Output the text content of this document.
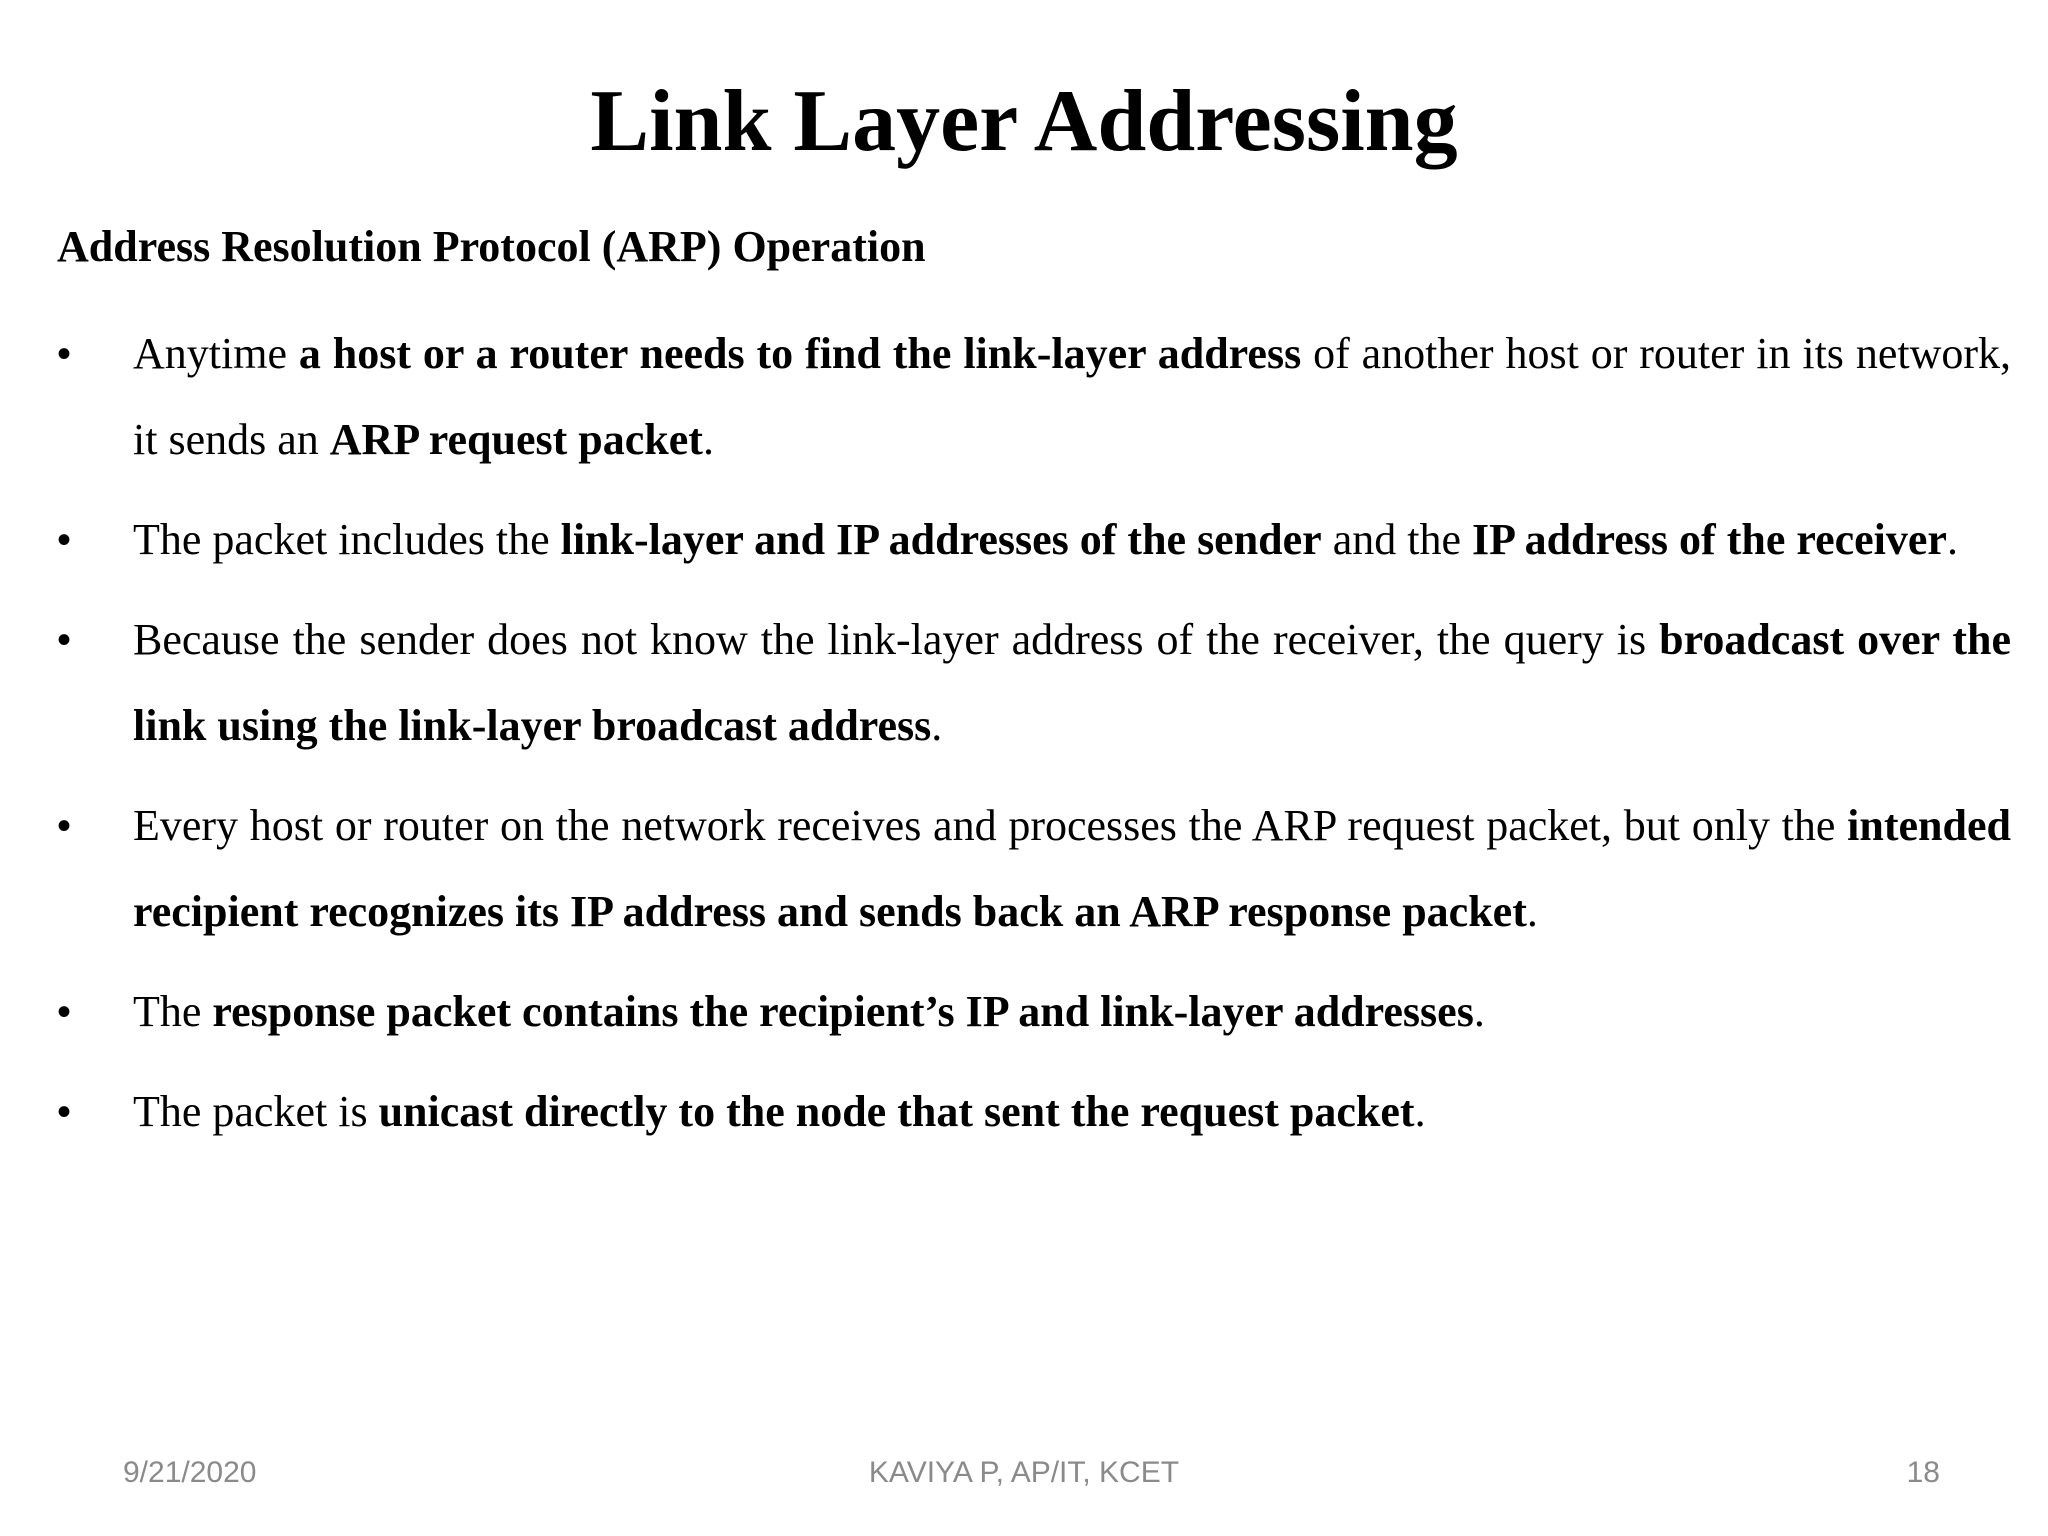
Link Layer Addressing
Address Resolution Protocol (ARP) Operation
• Anytime a host or a router needs to find the link-layer address of another host or router in its network, it sends an ARP request packet.
• The packet includes the link-layer and IP addresses of the sender and the IP address of the receiver.
• Because the sender does not know the link-layer address of the receiver, the query is broadcast over the link using the link-layer broadcast address.
• Every host or router on the network receives and processes the ARP request packet, but only the intended recipient recognizes its IP address and sends back an ARP response packet.
• The response packet contains the recipient’s IP and link-layer addresses.
• The packet is unicast directly to the node that sent the request packet.
9/21/2020	KAVIYA P, AP/IT, KCET	18
